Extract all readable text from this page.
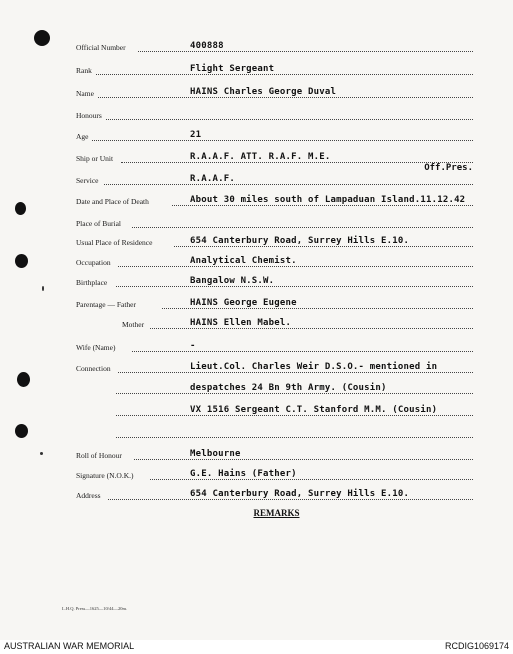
Official Number	400888
Rank	Flight Sergeant
Name	HAINS Charles George Duval
Honours
Age	21
Ship or Unit	R.A.A.F. ATT. R.A.F. M.E.
Service	R.A.A.F.
Off.Pres.
Date and Place of Death	About 30 miles south of Lampaduan Island.11.12.42
Place of Burial
Usual Place of Residence	654 Canterbury Road, Surrey Hills E.10.
Occupation	Analytical Chemist.
Birthplace	Bangalow N.S.W.
Parentage — Father	HAINS George Eugene
Mother	HAINS Ellen Mabel.
Wife (Name)	-
Connection	Lieut.Col. Charles Weir D.S.O.- mentioned in
despatches 24 Bn 9th Army. (Cousin)
VX 1516 Sergeant C.T. Stanford M.M. (Cousin)
Roll of Honour	Melbourne
Signature (N.O.K.)	G.E. Hains (Father)
Address	654 Canterbury Road, Surrey Hills E.10.
REMARKS
L.H.Q. Press—1625—10/44—20m.
AUSTRALIAN WAR MEMORIAL	RCDIG1069174
